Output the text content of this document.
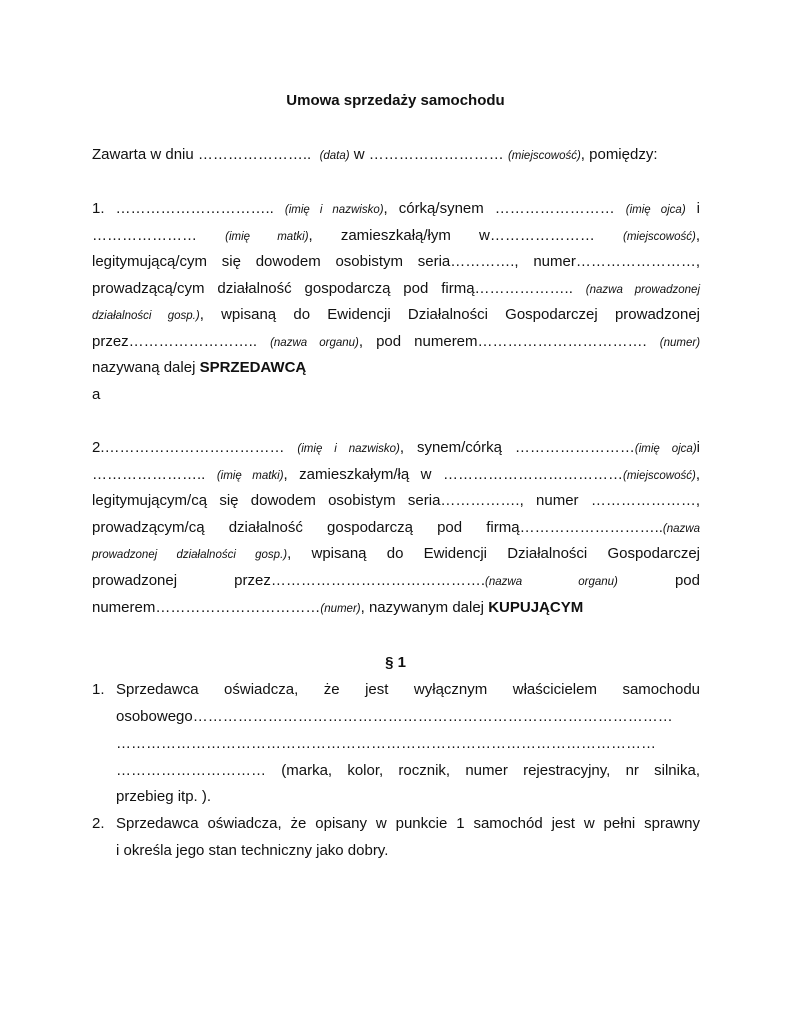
Umowa sprzedaży samochodu
Zawarta w dniu ………………….. (data) w ……………………… (miejscowość), pomiędzy:
1. ………………………….. (imię i nazwisko), córką/synem …………………… (imię ojca) i
………………… (imię matki), zamieszkałą/łym w………………… (miejscowość),
legitymującą/cym się dowodem osobistym seria…………., numer……………………,
prowadzącą/cym działalność gospodarczą pod firmą……………….. (nazwa prowadzonej
działalności gosp.), wpisaną do Ewidencji Działalności Gospodarczej prowadzonej
przez…………………….. (nazwa organu), pod numerem……………………………. (numer)
nazywaną dalej SPRZEDAWCĄ
a
2.……………………………… (imię i nazwisko), synem/córką ……………………(imię ojca)i
………………….. (imię matki), zamieszkałym/łą w ………………………………(miejscowość),
legitymującym/cą się dowodem osobistym seria……………., numer …………………,
prowadzącym/cą działalność gospodarczą pod firmą………………………..(nazwa
prowadzonej działalności gosp.), wpisaną do Ewidencji Działalności Gospodarczej
prowadzonej przez…………………………………….(nazwa organu)	pod
numerem……………………………(numer), nazywanym dalej KUPUJĄCYM
§ 1
1. Sprzedawca oświadcza, że jest wyłącznym właścicielem samochodu
osobowego……………………………………………………………………………………
………………………………………………………………………………………………
………………………… (marka, kolor, rocznik, numer rejestracyjny, nr silnika,
przebieg itp. ).
2. Sprzedawca oświadcza, że opisany w punkcie 1 samochód jest w pełni sprawny
i określa jego stan techniczny jako dobry.
